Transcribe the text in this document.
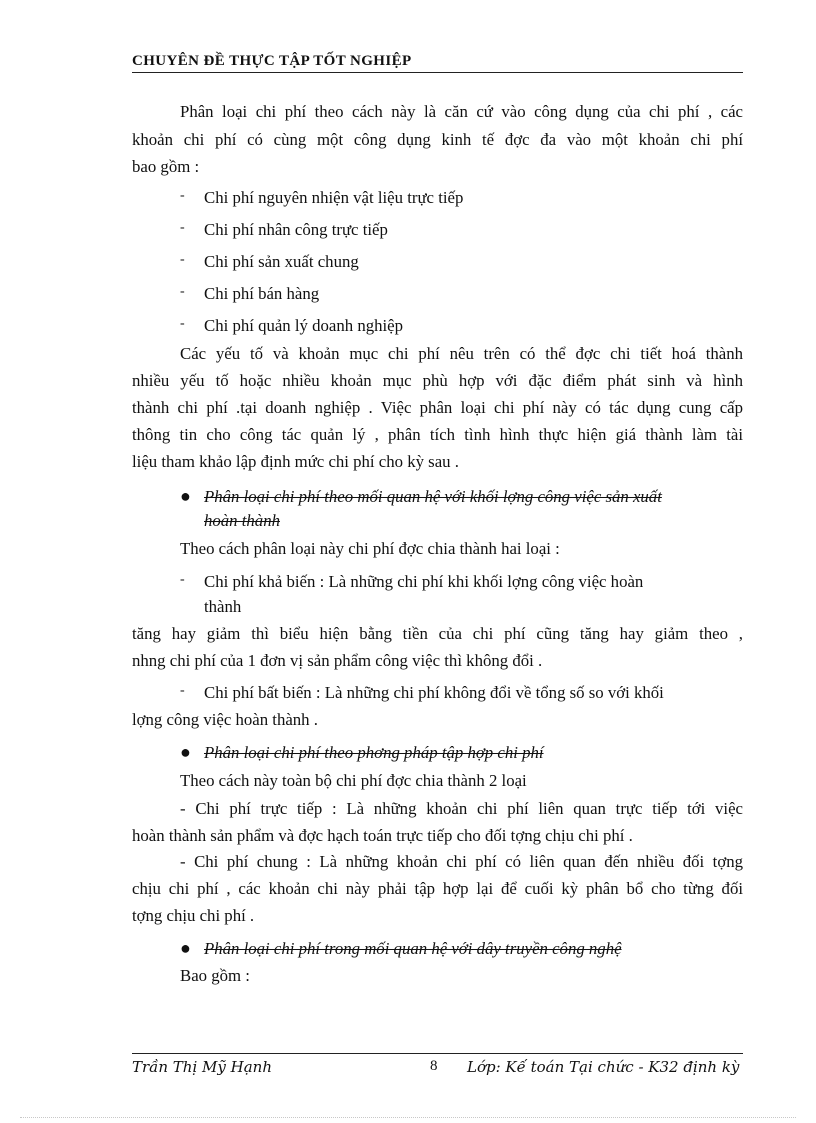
CHUYÊN ĐỀ THỰC TẬP TỐT NGHIỆP
Phân loại chi phí theo cách này là căn cứ vào công dụng của chi phí , các
khoản chi phí có cùng một công dụng kinh tế đợc đa vào một khoản chi phí
bao gồm :
- Chi phí nguyên nhiện vật liệu trực tiếp
- Chi phí nhân công trực tiếp
- Chi phí sản xuất chung
- Chi phí bán hàng
- Chi phí quản lý doanh nghiệp
Các yếu tố và khoản mục chi phí nêu trên có thể đợc chi tiết hoá thành
nhiều yếu tố hoặc nhiều khoản mục phù hợp với đặc điểm phát sinh và hình
thành chi phí .tại doanh nghiệp . Việc phân loại chi phí này có tác dụng cung cấp
thông tin cho công tác quản lý , phân tích tình hình thực hiện giá thành làm tài
liệu tham khảo lập định mức chi phí cho kỳ sau .
● Phân loại chi phí theo mối quan hệ với khối lợng công việc sản xuất
hoàn thành
Theo cách phân loại này chi phí đợc chia thành hai loại :
- Chi phí khả biến : Là những chi phí khi khối lợng công việc hoàn
thành
tăng hay giảm thì biểu hiện bằng tiền của chi phí cũng tăng hay giảm theo ,
nhng chi phí của 1 đơn vị sản phẩm công việc thì không đổi .
- Chi phí bất biến : Là những chi phí không đổi về tổng số so với khối
lợng công việc hoàn thành .
● Phân loại chi phí theo phơng pháp tập hợp chi phí
Theo cách này toàn bộ chi phí đợc chia thành 2 loại
- Chi phí trực tiếp : Là những khoản chi phí liên quan trực tiếp tới việc
hoàn thành sản phẩm và đợc hạch toán trực tiếp cho đối tợng chịu chi phí .
- Chi phí chung : Là những khoản chi phí có liên quan đến nhiều đối tợng
chịu chi phí , các khoản chi này phải tập hợp lại để cuối kỳ phân bổ cho từng đối
tợng chịu chi phí .
● Phân loại chi phí trong mối quan hệ với dây truyền công nghệ
Bao gồm :
Trần Thị Mỹ Hạnh	8 Lớp: Kế toán Tại chức - K32 định kỳ
